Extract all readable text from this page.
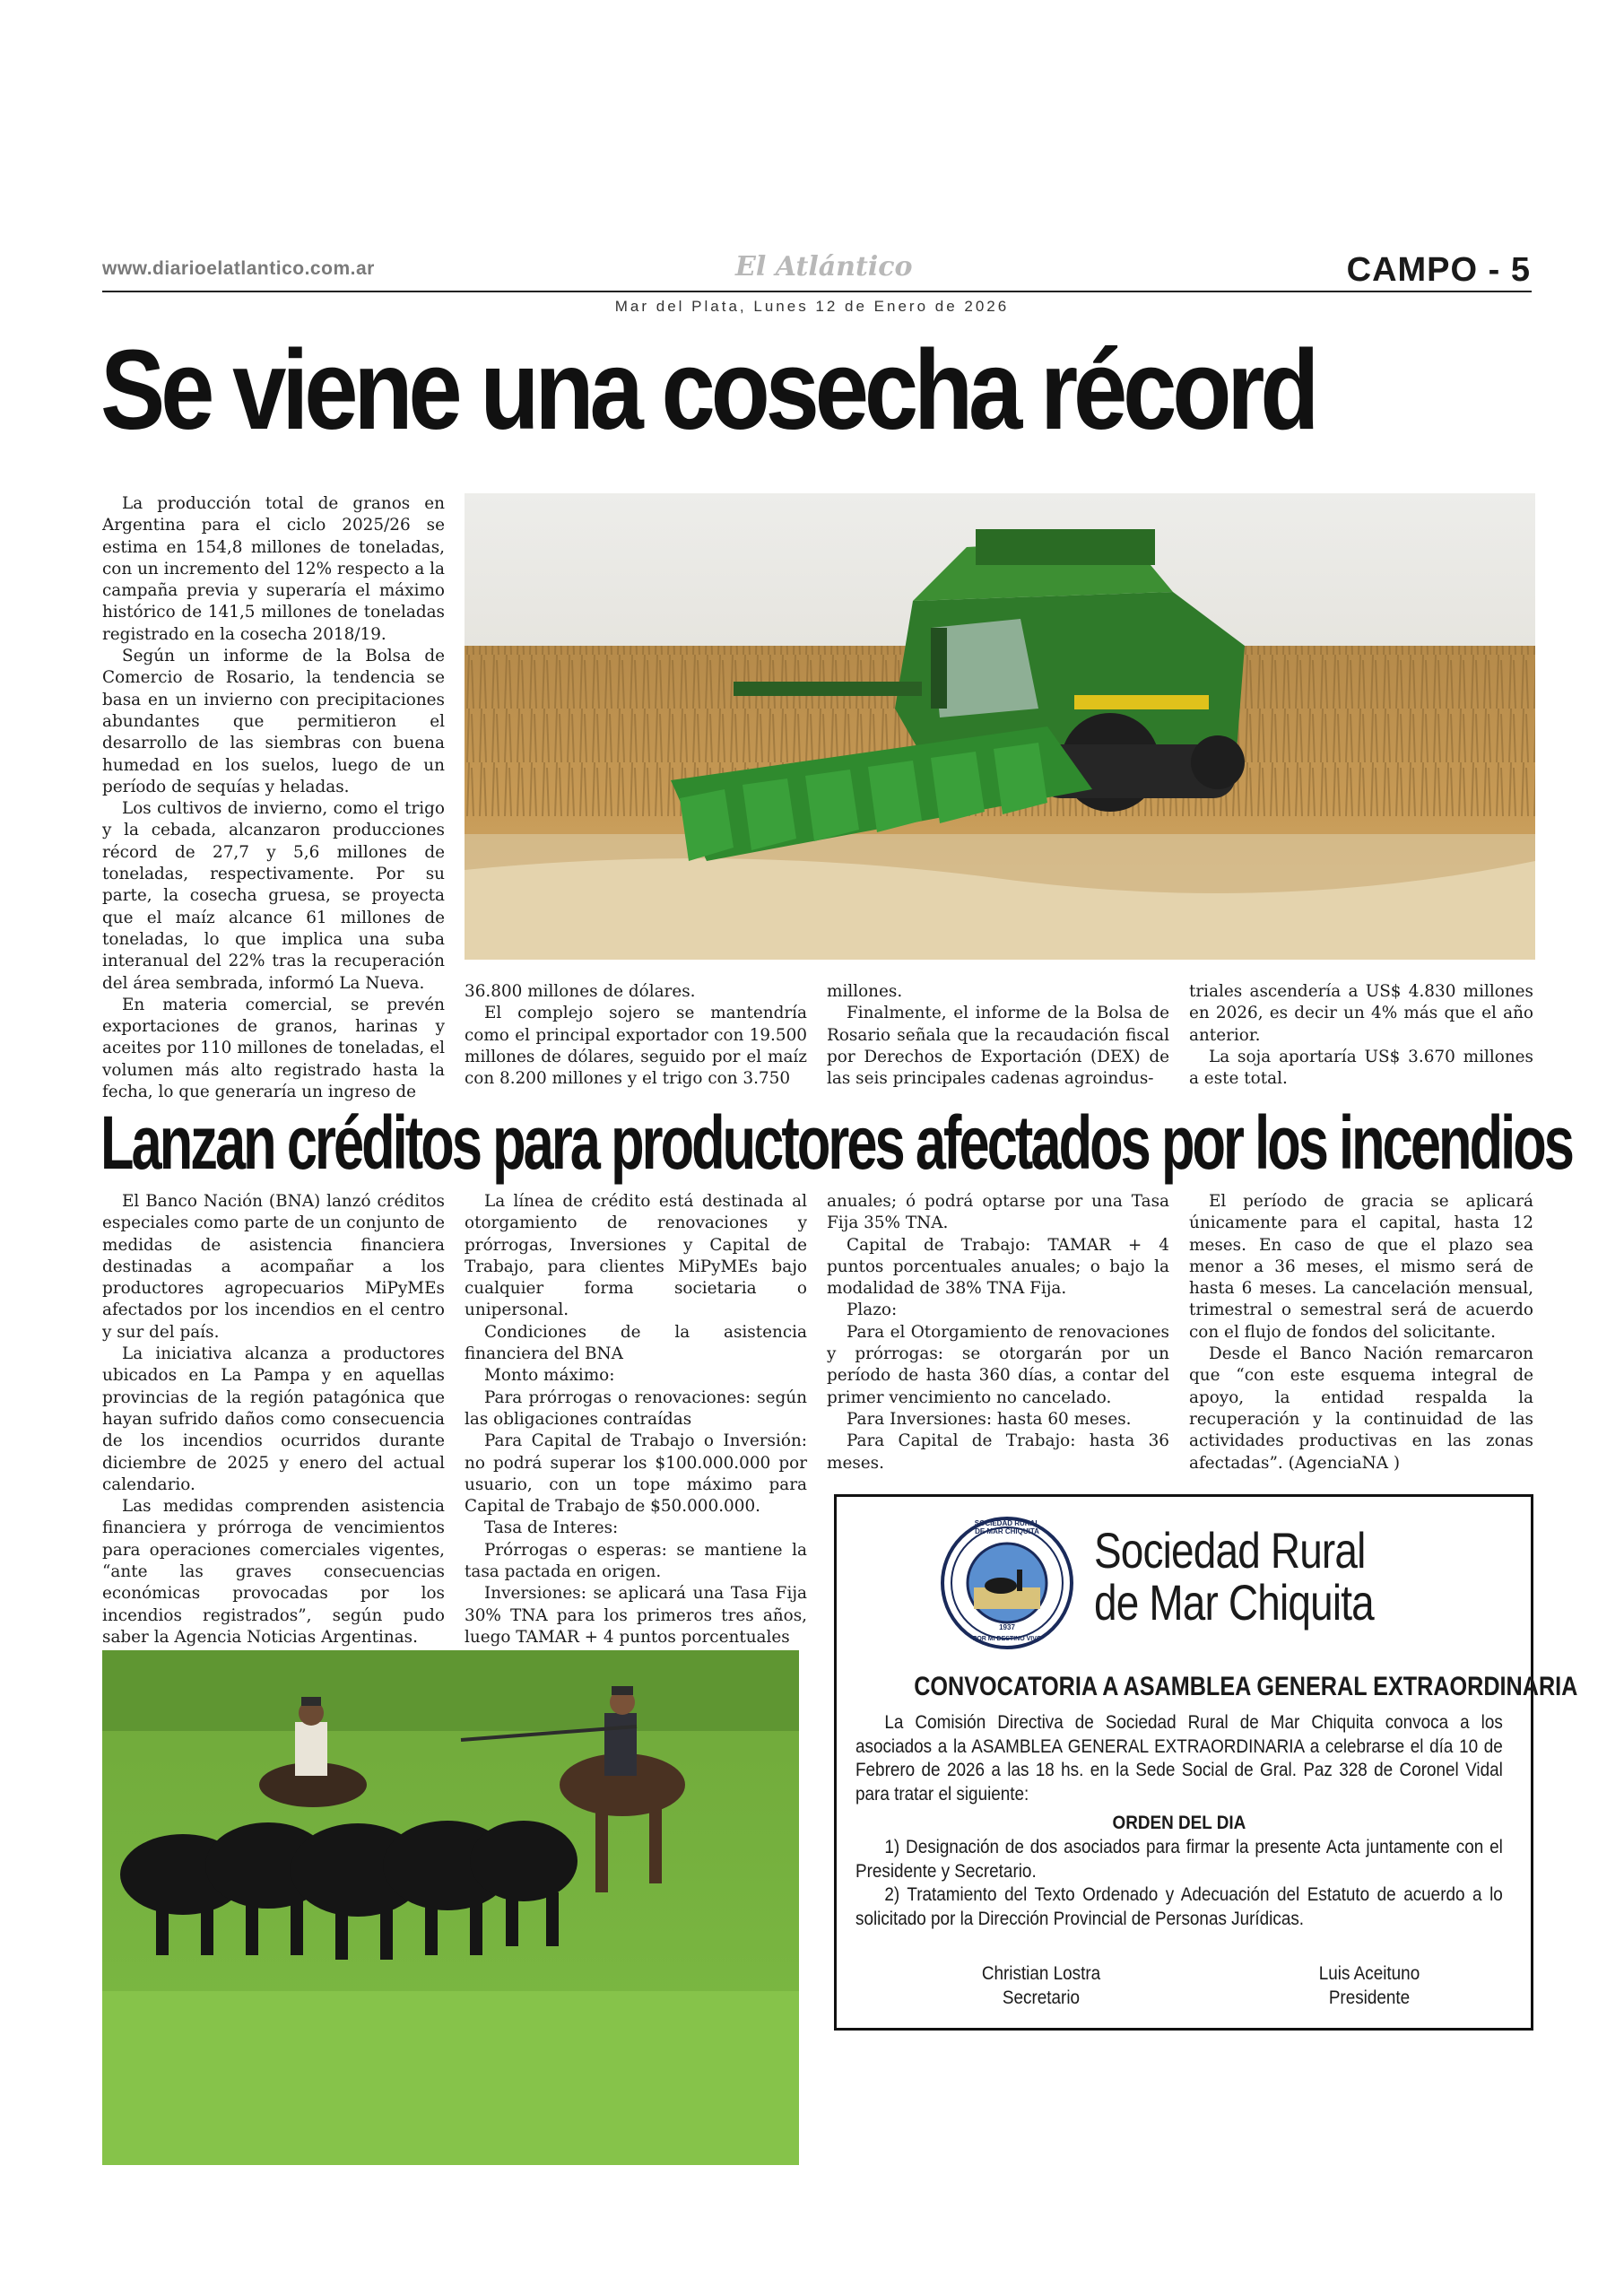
www.diarioelatlantico.com.ar	El Atlántico	CAMPO - 5
Mar del Plata, Lunes 12 de Enero de 2026
Se viene una cosecha récord

La producción total de granos en Argentina para el ciclo 2025/26 se estima en 154,8 millones de toneladas, con un incremento del 12% respecto a la campaña previa y superaría el máximo histórico de 141,5 millones de toneladas registrado en la cosecha 2018/19.

Según un informe de la Bolsa de Comercio de Rosario, la tendencia se basa en un invierno con precipitaciones abundantes que permitieron el desarrollo de las siembras con buena humedad en los suelos, luego de un período de sequías y heladas.

Los cultivos de invierno, como el trigo y la cebada, alcanzaron producciones récord de 27,7 y 5,6 millones de toneladas, respectivamente. Por su parte, la cosecha gruesa, se proyecta que el maíz alcance 61 millones de toneladas, lo que implica una suba interanual del 22% tras la recuperación del área sembrada, informó La Nueva.

En materia comercial, se prevén exportaciones de granos, harinas y aceites por 110 millones de toneladas, el volumen más alto registrado hasta la fecha, lo que generaría un ingreso de

36.800 millones de dólares.

El complejo sojero se mantendría como el principal exportador con 19.500 millones de dólares, seguido por el maíz con 8.200 millones y el trigo con 3.750

millones.

Finalmente, el informe de la Bolsa de Rosario señala que la recaudación fiscal por Derechos de Exportación (DEX) de las seis principales cadenas agroindus-

triales ascendería a US$ 4.830 millones en 2026, es decir un 4% más que el año anterior.

La soja aportaría US$ 3.670 millones a este total.

Lanzan créditos para productores afectados por los incendios

El Banco Nación (BNA) lanzó créditos especiales como parte de un conjunto de medidas de asistencia financiera destinadas a acompañar a los productores agropecuarios MiPyMEs afectados por los incendios en el centro y sur del país.

La iniciativa alcanza a productores ubicados en La Pampa y en aquellas provincias de la región patagónica que hayan sufrido daños como consecuencia de los incendios ocurridos durante diciembre de 2025 y enero del actual calendario.

Las medidas comprenden asistencia financiera y prórroga de vencimientos para operaciones comerciales vigentes, “ante las graves consecuencias económicas provocadas por los incendios registrados”, según pudo saber la Agencia Noticias Argentinas.

La línea de crédito está destinada al otorgamiento de renovaciones y prórrogas, Inversiones y Capital de Trabajo, para clientes MiPyMEs bajo cualquier forma societaria o unipersonal.

Condiciones de la asistencia financiera del BNA

Monto máximo:

Para prórrogas o renovaciones: según las obligaciones contraídas

Para Capital de Trabajo o Inversión: no podrá superar los $100.000.000 por usuario, con un tope máximo para Capital de Trabajo de $50.000.000.

Tasa de Interes:

Prórrogas o esperas: se mantiene la tasa pactada en origen.

Inversiones: se aplicará una Tasa Fija 30% TNA para los primeros tres años, luego TAMAR + 4 puntos porcentuales

anuales; ó podrá optarse por una Tasa Fija 35% TNA.

Capital de Trabajo: TAMAR + 4 puntos porcentuales anuales; o bajo la modalidad de 38% TNA Fija.

Plazo:

Para el Otorgamiento de renovaciones y prórrogas: se otorgarán por un período de hasta 360 días, a contar del primer vencimiento no cancelado.

Para Inversiones: hasta 60 meses.

Para Capital de Trabajo: hasta 36 meses.

El período de gracia se aplicará únicamente para el capital, hasta 12 meses. En caso de que el plazo sea menor a 36 meses, el mismo será de hasta 6 meses. La cancelación mensual, trimestral o semestral será de acuerdo con el flujo de fondos del solicitante.

Desde el Banco Nación remarcaron que “con este esquema integral de apoyo, la entidad respalda la recuperación y la continuidad de las actividades productivas en las zonas afectadas”. (AgenciaNA )

SOCIEDAD RURAL DE MAR CHIQUITA
POR MI DESTINO VIVO
1937
Sociedad Rural
de Mar Chiquita
CONVOCATORIA A ASAMBLEA GENERAL EXTRAORDINARIA

La Comisión Directiva de Sociedad Rural de Mar Chiquita convoca a los asociados a la ASAMBLEA GENERAL EXTRAORDINARIA a celebrarse el día 10 de Febrero de 2026 a las 18 hs. en la Sede Social de Gral. Paz 328 de Coronel Vidal para tratar el siguiente:

ORDEN DEL DIA

1) Designación de dos asociados para firmar la presente Acta juntamente con el Presidente y Secretario.

2) Tratamiento del Texto Ordenado y Adecuación del Estatuto de acuerdo a lo solicitado por la Dirección Provincial de Personas Jurídicas.

Christian Lostra

Secretario

Luis Aceituno

Presidente
